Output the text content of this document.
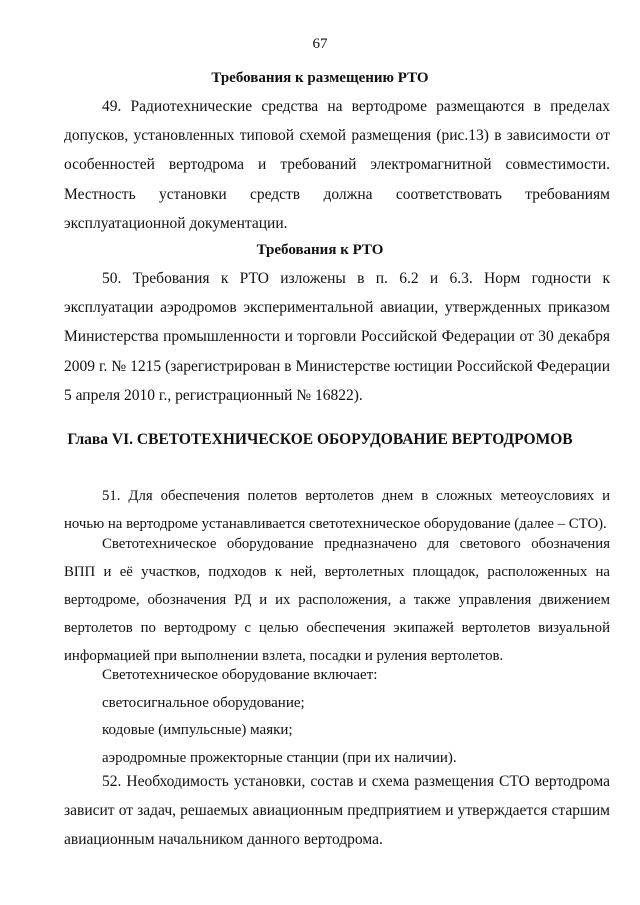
67
Требования к размещению РТО
49. Радиотехнические средства на вертодроме размещаются в пределах допусков, установленных типовой схемой размещения (рис.13) в зависимости от особенностей вертодрома и требований электромагнитной совместимости. Местность установки средств должна соответствовать требованиям эксплуатационной документации.
Требования к РТО
50. Требования к РТО изложены в п. 6.2 и 6.3. Норм годности к эксплуатации аэродромов экспериментальной авиации, утвержденных приказом Министерства промышленности и торговли Российской Федерации от 30 декабря 2009 г. № 1215 (зарегистрирован в Министерстве юстиции Российской Федерации 5 апреля 2010 г., регистрационный № 16822).
Глава VI. СВЕТОТЕХНИЧЕСКОЕ ОБОРУДОВАНИЕ ВЕРТОДРОМОВ
51. Для обеспечения полетов вертолетов днем в сложных метеоусловиях и ночью на вертодроме устанавливается светотехническое оборудование (далее – СТО).
Светотехническое оборудование предназначено для светового обозначения ВПП и её участков, подходов к ней, вертолетных площадок, расположенных на вертодроме, обозначения РД и их расположения, а также управления движением вертолетов по вертодрому с целью обеспечения экипажей вертолетов визуальной информацией при выполнении взлета, посадки и руления вертолетов.
Светотехническое оборудование включает:
светосигнальное оборудование;
кодовые (импульсные) маяки;
аэродромные прожекторные станции (при их наличии).
52. Необходимость установки, состав и схема размещения СТО вертодрома зависит от задач, решаемых авиационным предприятием и утверждается старшим авиационным начальником данного вертодрома.
